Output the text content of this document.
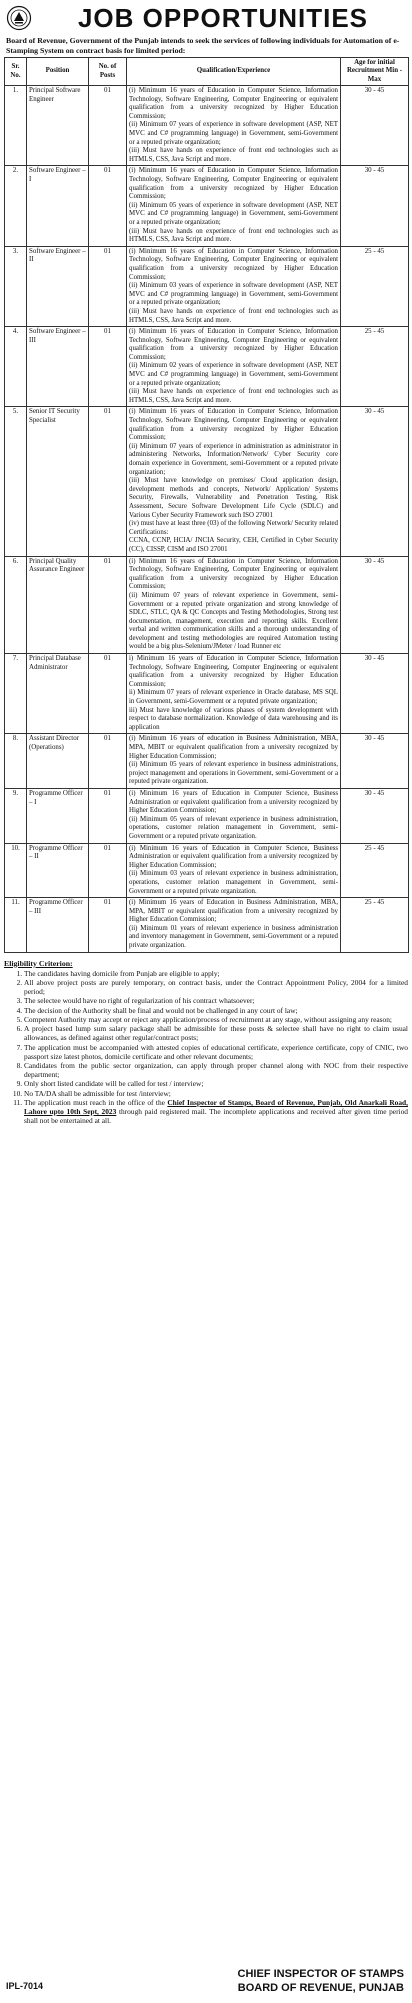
JOB OPPORTUNITIES
Board of Revenue, Government of the Punjab intends to seek the services of following individuals for Automation of e-Stamping System on contract basis for limited period:
Sr. No.	Position	No. of Posts	Qualification/Experience	Age for initial Recruitment Min - Max
1.	Principal Software Engineer	01	(i) Minimum 16 years of Education in Computer Science, Information Technology, Software Engineering, Computer Engineering or equivalent qualification from a university recognized by Higher Education Commission;

(ii) Minimum 07 years of experience in software development (ASP, NET MVC and C# programming language) in Government, semi-Government or a reputed private organization;

(iii) Must have hands on experience of front end technologies such as HTMLS, CSS, Java Script and more.	30 - 45
2.	Software Engineer – I	01	(i) Minimum 16 years of Education in Computer Science, Information Technology, Software Engineering, Computer Engineering or equivalent qualification from a university recognized by Higher Education Commission;

(ii) Minimum 05 years of experience in software development (ASP, NET MVC and C# programming language) in Government, semi-Government or a reputed private organization;

(iii) Must have hands on experience of front end technologies such as HTMLS, CSS, Java Script and more.	30 - 45
3.	Software Engineer – II	01	(i) Minimum 16 years of Education in Computer Science, Information Technology, Software Engineering, Computer Engineering or equivalent qualification from a university recognized by Higher Education Commission;

(ii) Minimum 03 years of experience in software development (ASP, NET MVC and C# programming language) in Government, semi-Government or a reputed private organization;

(iii) Must have hands on experience of front end technologies such as HTMLS, CSS, Java Script and more.	25 - 45
4.	Software Engineer – III	01	(i) Minimum 16 years of Education in Computer Science, Information Technology, Software Engineering, Computer Engineering or equivalent qualification from a university recognized by Higher Education Commission;

(ii) Minimum 02 years of experience in software development (ASP, NET MVC and C# programming language) in Government, semi-Government or a reputed private organization;

(iii) Must have hands on experience of front end technologies such as HTMLS, CSS, Java Script and more.	25 - 45
5.	Senior IT Security Specialist	01	(i) Minimum 16 years of Education in Computer Science, Information Technology, Software Engineering, Computer Engineering or equivalent qualification from a university recognized by Higher Education Commission;

(ii) Minimum 07 years of experience in administration as administrator in administering Networks, Information/Network/ Cyber Security core domain experience in Government, semi-Government or a reputed private organization;

(iii) Must have knowledge on premises/ Cloud application design, development methods and concepts, Network/ Application/ Systems Security, Firewalls, Vulnerability and Penetration Testing, Risk Assessment, Secure Software Development Life Cycle (SDLC) and Various Cyber Security Framework such ISO 27001

(iv) must have at least three (03) of the following Network/ Security related Certifications:

CCNA, CCNP, HCIA/ JNCIA Security, CEH, Certified in Cyber Security (CC), CISSP, CISM and ISO 27001	30 - 45
6.	Principal Quality Assurance Engineer	01	(i) Minimum 16 years of Education in Computer Science, Information Technology, Software Engineering, Computer Engineering or equivalent qualification from a university recognized by Higher Education Commission;

(ii) Minimum 07 years of relevant experience in Government, semi-Government or a reputed private organization and strong knowledge of SDLC, STLC, QA & QC Concepts and Testing Methodologies, Strong test documentation, management, execution and reporting skills. Excellent verbal and written communication skills and a thorough understanding of development and testing methodologies are required Automation testing would be a big plus-Selenium/JMeter / load Runner etc	30 - 45
7.	Principal Database Administrator	01	i) Minimum 16 years of Education in Computer Science, Information Technology, Software Engineering, Computer Engineering or equivalent qualification from a university recognized by Higher Education Commission;

ii) Minimum 07 years of relevant experience in Oracle database, MS SQL in Government, semi-Government or a reputed private organization;

iii) Must have knowledge of various phases of system development with respect to database normalization. Knowledge of data warehousing and its application	30 - 45
8.	Assistant Director (Operations)	01	(i) Minimum 16 years of education in Business Administration, MBA, MPA, MBIT or equivalent qualification from a university recognized by Higher Education Commission;

(ii) Minimum 05 years of relevant experience in business administrations, project management and operations in Government, semi-Government or a reputed private organization.	30 - 45
9.	Programme Officer – I	01	(i) Minimum 16 years of Education in Computer Science, Business Administration or equivalent qualification from a university recognized by Higher Education Commission;

(ii) Minimum 05 years of relevant experience in business administration, operations, customer relation management in Government, semi-Government or a reputed private organization.	30 - 45
10.	Programme Officer – II	01	(i) Minimum 16 years of Education in Computer Science, Business Administration or equivalent qualification from a university recognized by Higher Education Commission;

(ii) Minimum 03 years of relevant experience in business administration, operations, customer relation management in Government, semi-Government or a reputed private organization.	25 - 45
11.	Programme Officer – III	01	(i) Minimum 16 years of Education in Business Administration, MBA, MPA, MBIT or equivalent qualification from a university recognized by Higher Education Commission;

(ii) Minimum 01 years of relevant experience in business administration and inventory management in Government, semi-Government or a reputed private organization.	25 - 45
Eligibility Criterion:
1. The candidates having domicile from Punjab are eligible to apply;
2. All above project posts are purely temporary, on contract basis, under the Contract Appointment Policy, 2004 for a limited period;
3. The selectee would have no right of regularization of his contract whatsoever;
4. The decision of the Authority shall be final and would not be challenged in any court of law;
5. Competent Authority may accept or reject any application/process of recruitment at any stage, without assigning any reason;
6. A project based lump sum salary package shall be admissible for these posts & selectee shall have no right to claim usual allowances, as defined against other regular/contract posts;
7. The application must be accompanied with attested copies of educational certificate, experience certificate, copy of CNIC, two passport size latest photos, domicile certificate and other relevant documents;
8. Candidates from the public sector organization, can apply through proper channel along with NOC from their respective department;
9. Only short listed candidate will be called for test / interview;
10. No TA/DA shall be admissible for test /interview;
11. The application must reach in the office of the Chief Inspector of Stamps, Board of Revenue, Punjab, Old Anarkali Road, Lahore upto 10th Sept, 2023 through paid registered mail. The incomplete applications and received after given time period shall not be entertained at all.
IPL-7014
CHIEF INSPECTOR OF STAMPS
BOARD OF REVENUE, PUNJAB
